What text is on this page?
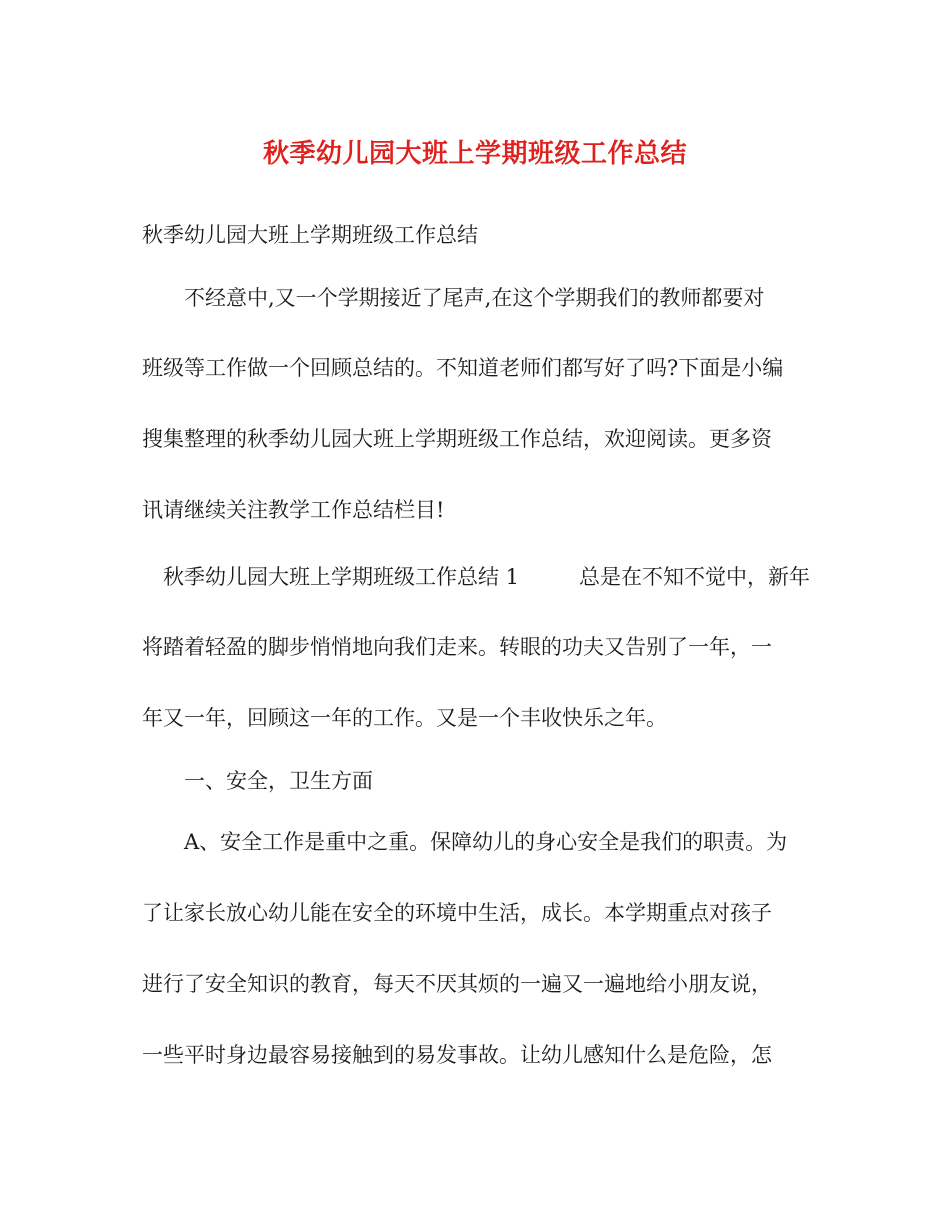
秋季幼儿园大班上学期班级工作总结
秋季幼儿园大班上学期班级工作总结
不经意中,又一个学期接近了尾声,在这个学期我们的教师都要对
班级等工作做一个回顾总结的。不知道老师们都写好了吗?下面是小编
搜集整理的秋季幼儿园大班上学期班级工作总结，欢迎阅读。更多资
讯请继续关注教学工作总结栏目!
秋季幼儿园大班上学期班级工作总结 1	总是在不知不觉中，新年
将踏着轻盈的脚步悄悄地向我们走来。转眼的功夫又告别了一年，一
年又一年，回顾这一年的工作。又是一个丰收快乐之年。
一、安全，卫生方面
A、安全工作是重中之重。保障幼儿的身心安全是我们的职责。为
了让家长放心幼儿能在安全的环境中生活，成长。本学期重点对孩子
进行了安全知识的教育，每天不厌其烦的一遍又一遍地给小朋友说，
一些平时身边最容易接触到的易发事故。让幼儿感知什么是危险，怎
